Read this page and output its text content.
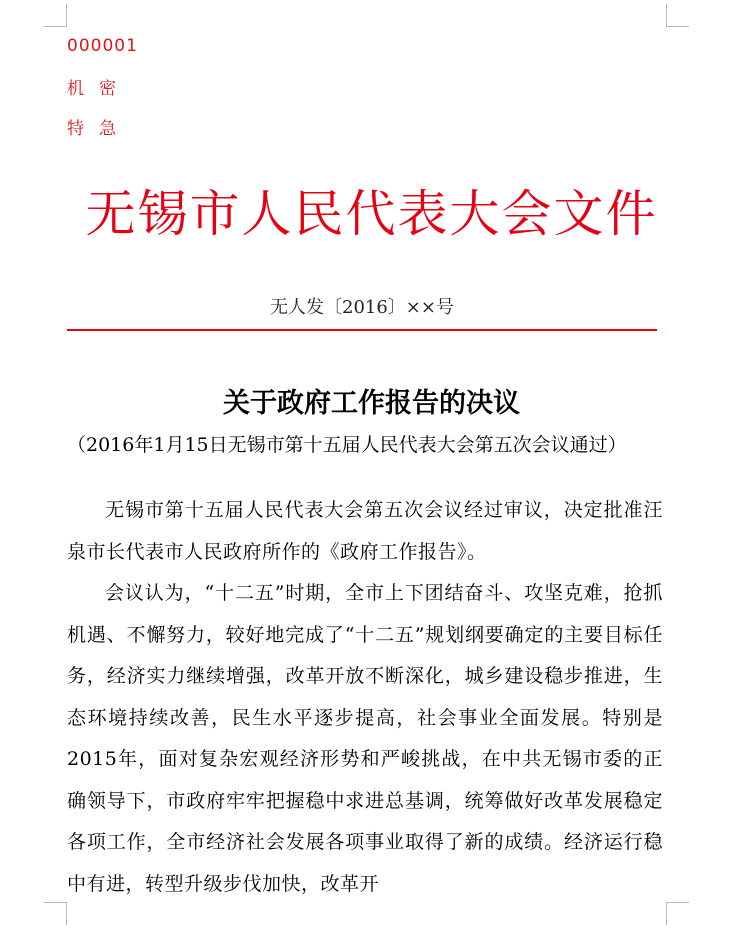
000001
机密
特急
无锡市人民代表大会文件
无人发〔2016〕××号
关于政府工作报告的决议
（2016年1月15日无锡市第十五届人民代表大会第五次会议通过）

无锡市第十五届人民代表大会第五次会议经过审议，决定批准汪泉市长代表市人民政府所作的《政府工作报告》。

会议认为，“十二五”时期，全市上下团结奋斗、攻坚克难，抢抓机遇、不懈努力，较好地完成了“十二五”规划纲要确定的主要目标任务，经济实力继续增强，改革开放不断深化，城乡建设稳步推进，生态环境持续改善，民生水平逐步提高，社会事业全面发展。特别是2015年，面对复杂宏观经济形势和严峻挑战，在中共无锡市委的正确领导下，市政府牢牢把握稳中求进总基调，统筹做好改革发展稳定各项工作，全市经济社会发展各项事业取得了新的成绩。经济运行稳中有进，转型升级步伐加快，改革开
